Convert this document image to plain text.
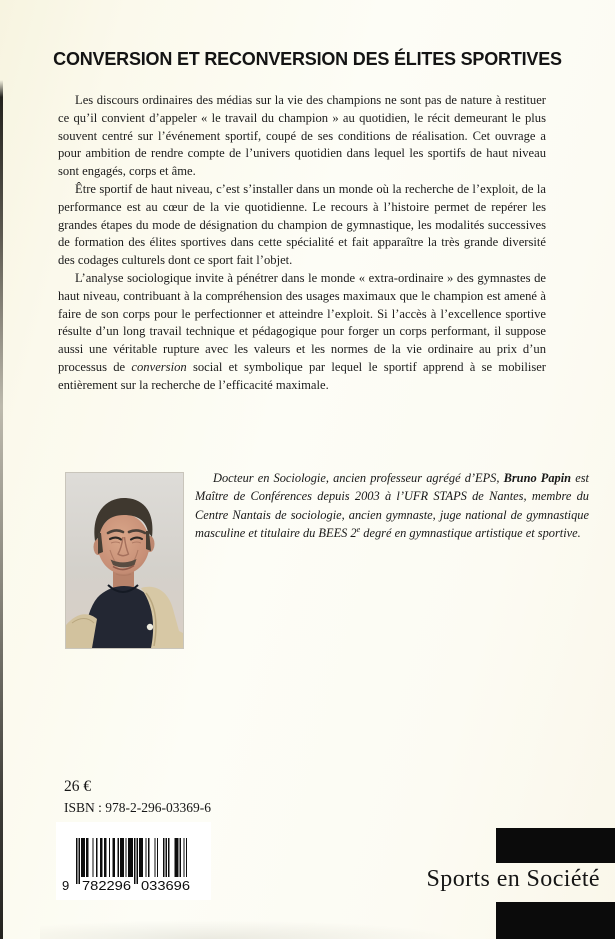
CONVERSION ET RECONVERSION DES ÉLITES SPORTIVES

Les discours ordinaires des médias sur la vie des champions ne sont pas de nature à restituer ce qu’il convient d’appeler « le travail du champion » au quotidien, le récit demeurant le plus souvent centré sur l’événement sportif, coupé de ses conditions de réalisation. Cet ouvrage a pour ambition de rendre compte de l’univers quotidien dans lequel les sportifs de haut niveau sont engagés, corps et âme.

Être sportif de haut niveau, c’est s’installer dans un monde où la recherche de l’exploit, de la performance est au cœur de la vie quotidienne. Le recours à l’histoire permet de repérer les grandes étapes du mode de désignation du champion de gymnastique, les modalités successives de formation des élites sportives dans cette spécialité et fait apparaître la très grande diversité des codages culturels dont ce sport fait l’objet.

L’analyse sociologique invite à pénétrer dans le monde « extra-ordinaire » des gymnastes de haut niveau, contribuant à la compréhension des usages maximaux que le champion est amené à faire de son corps pour le perfectionner et atteindre l’exploit. Si l’accès à l’excellence sportive résulte d’un long travail technique et pédagogique pour forger un corps performant, il suppose aussi une véritable rupture avec les valeurs et les normes de la vie ordinaire au prix d’un processus de conversion social et symbolique par lequel le sportif apprend à se mobiliser entièrement sur la recherche de l’efficacité maximale.

Docteur en Sociologie, ancien professeur agrégé d’EPS, Bruno Papin est Maître de Conférences depuis 2003 à l’UFR STAPS de Nantes, membre du Centre Nantais de sociologie, ancien gymnaste, juge national de gymnastique masculine et titulaire du BEES 2e degré en gymnastique artistique et sportive.

26 €
ISBN : 978-2-296-03369-6
9 782296 033696	Sports en Société
